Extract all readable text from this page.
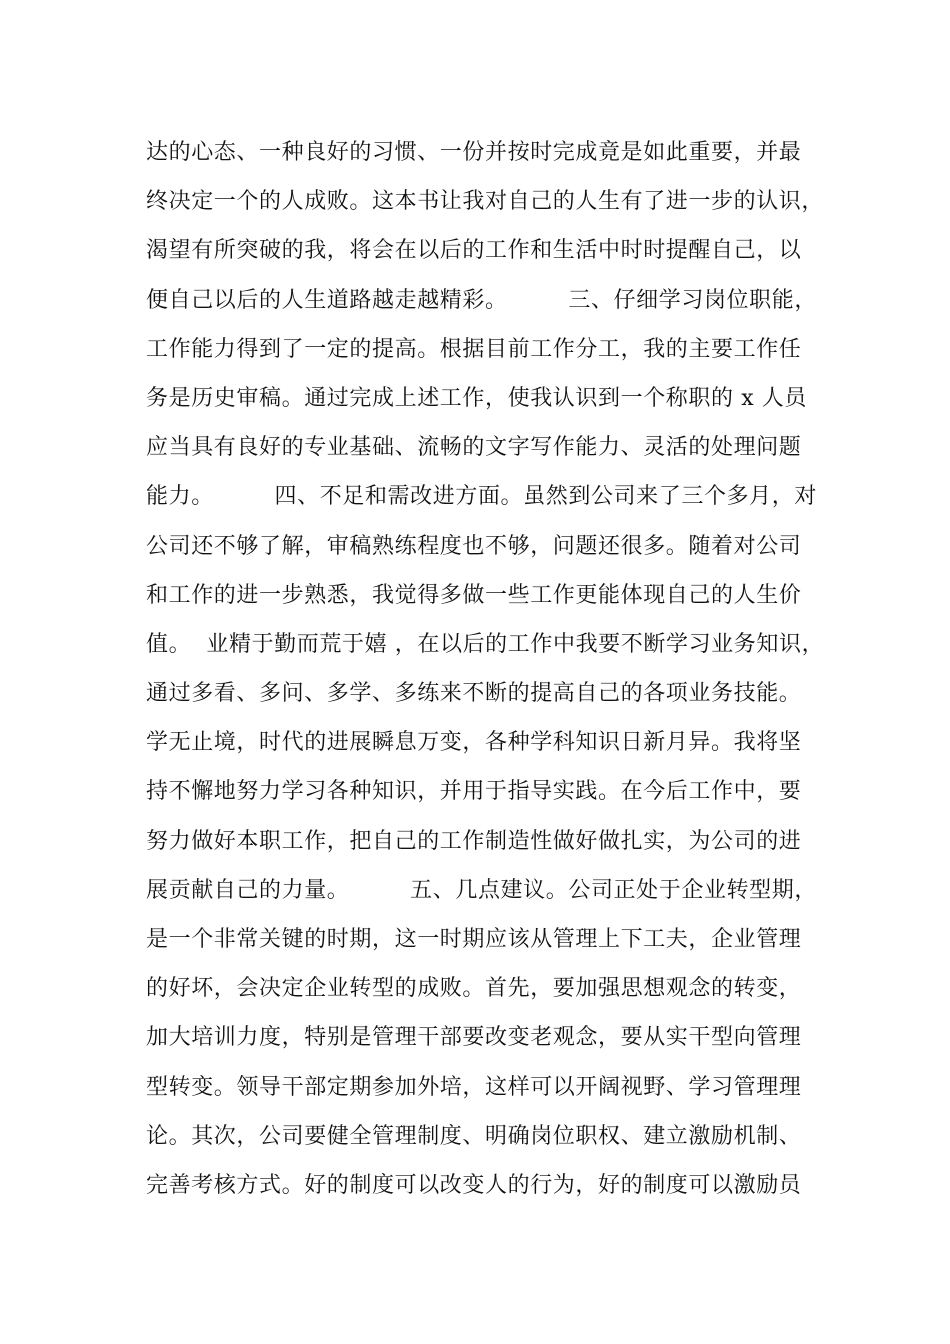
达的心态、一种良好的习惯、一份并按时完成竟是如此重要，并最
终决定一个的人成败。这本书让我对自己的人生有了进一步的认识，
渴望有所突破的我，将会在以后的工作和生活中时时提醒自己，以
便自己以后的人生道路越走越精彩。        三、仔细学习岗位职能，
工作能力得到了一定的提高。根据目前工作分工，我的主要工作任
务是历史审稿。通过完成上述工作，使我认识到一个称职的 x 人员
应当具有良好的专业基础、流畅的文字写作能力、灵活的处理问题
能力。        四、不足和需改进方面。虽然到公司来了三个多月，对
公司还不够了解，审稿熟练程度也不够，问题还很多。随着对公司
和工作的进一步熟悉，我觉得多做一些工作更能体现自己的人生价
值。  业精于勤而荒于嬉 ，在以后的工作中我要不断学习业务知识，
通过多看、多问、多学、多练来不断的提高自己的各项业务技能。
学无止境，时代的进展瞬息万变，各种学科知识日新月异。我将坚
持不懈地努力学习各种知识，并用于指导实践。在今后工作中，要
努力做好本职工作，把自己的工作制造性做好做扎实，为公司的进
展贡献自己的力量。        五、几点建议。公司正处于企业转型期，
是一个非常关键的时期，这一时期应该从管理上下工夫，企业管理
的好坏，会决定企业转型的成败。首先，要加强思想观念的转变，
加大培训力度，特别是管理干部要改变老观念，要从实干型向管理
型转变。领导干部定期参加外培，这样可以开阔视野、学习管理理
论。其次，公司要健全管理制度、明确岗位职权、建立激励机制、
完善考核方式。好的制度可以改变人的行为，好的制度可以激励员
